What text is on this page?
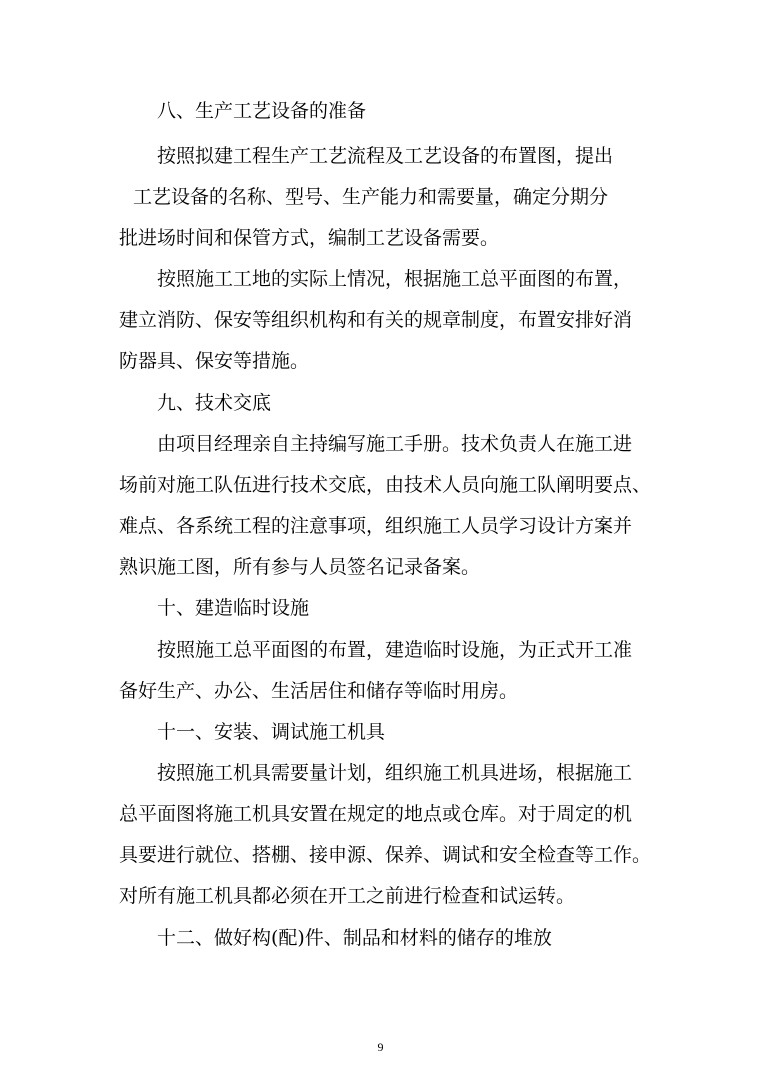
八、生产工艺设备的准备
按照拟建工程生产工艺流程及工艺设备的布置图，提出
工艺设备的名称、型号、生产能力和需要量，确定分期分
批进场时间和保管方式，编制工艺设备需要。
按照施工工地的实际上情况，根据施工总平面图的布置，
建立消防、保安等组织机构和有关的规章制度，布置安排好消
防器具、保安等措施。
九、技术交底
由项目经理亲自主持编写施工手册。技术负责人在施工进
场前对施工队伍进行技术交底，由技术人员向施工队阐明要点、
难点、各系统工程的注意事项，组织施工人员学习设计方案并
熟识施工图，所有参与人员签名记录备案。
十、建造临时设施
按照施工总平面图的布置，建造临时设施，为正式开工准
备好生产、办公、生活居住和储存等临时用房。
十一、安装、调试施工机具
按照施工机具需要量计划，组织施工机具进场，根据施工
总平面图将施工机具安置在规定的地点或仓库。对于周定的机
具要进行就位、搭棚、接申源、保养、调试和安全检查等工作。
对所有施工机具都必须在开工之前进行检查和试运转。
十二、做好构(配)件、制品和材料的储存的堆放
9
